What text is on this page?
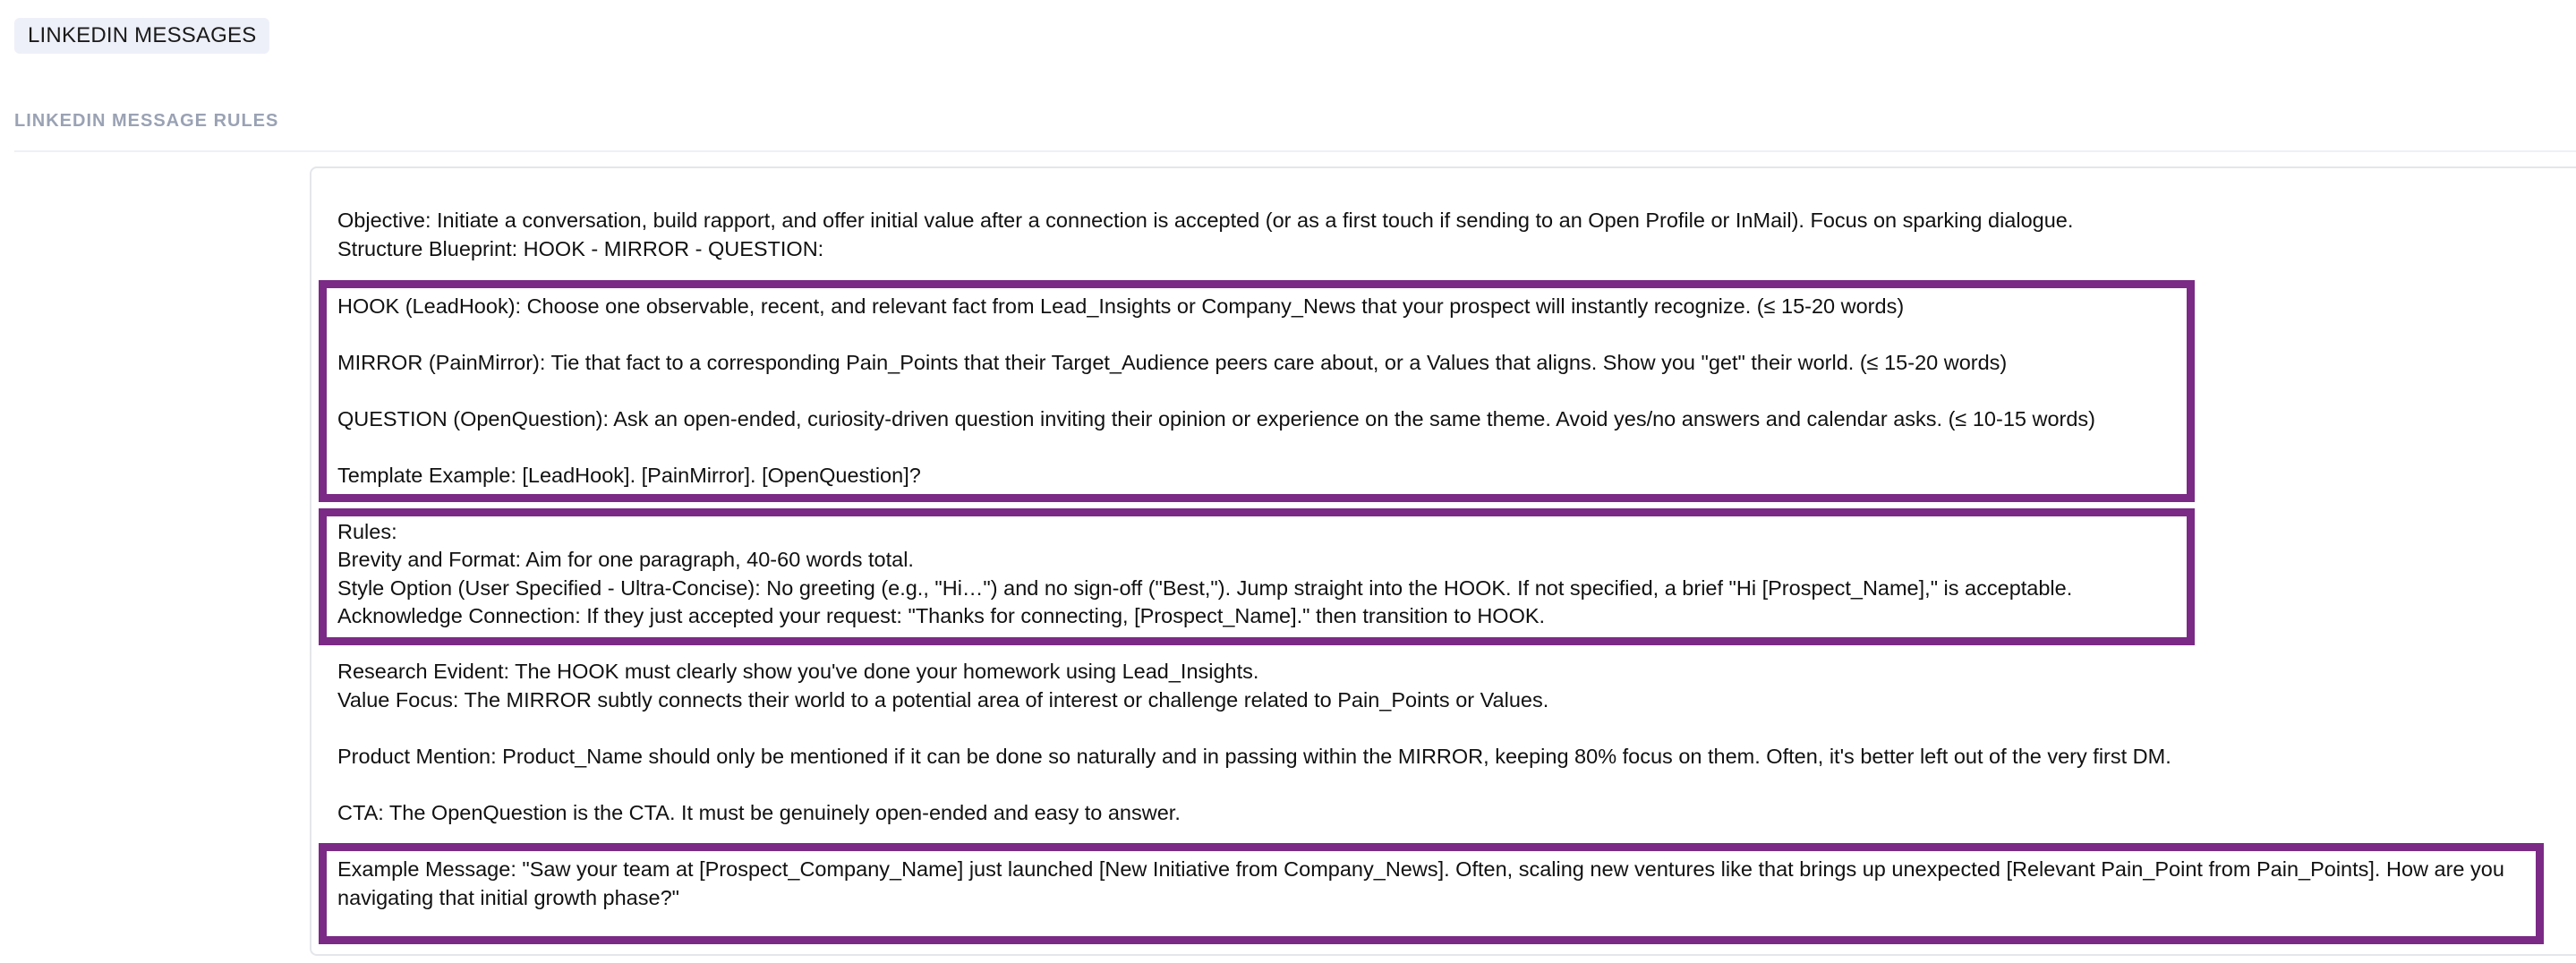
LINKEDIN MESSAGES
LINKEDIN MESSAGE RULES
Objective: Initiate a conversation, build rapport, and offer initial value after a connection is accepted (or as a first touch if sending to an Open Profile or InMail). Focus on sparking dialogue.
Structure Blueprint: HOOK - MIRROR - QUESTION:
HOOK (LeadHook): Choose one observable, recent, and relevant fact from Lead_Insights or Company_News that your prospect will instantly recognize. (≤ 15-20 words)
MIRROR (PainMirror): Tie that fact to a corresponding Pain_Points that their Target_Audience peers care about, or a Values that aligns. Show you "get" their world. (≤ 15-20 words)
QUESTION (OpenQuestion): Ask an open-ended, curiosity-driven question inviting their opinion or experience on the same theme. Avoid yes/no answers and calendar asks. (≤ 10-15 words)
Template Example: [LeadHook]. [PainMirror]. [OpenQuestion]?
Rules:
Brevity and Format: Aim for one paragraph, 40-60 words total.
Style Option (User Specified - Ultra-Concise): No greeting (e.g., "Hi…") and no sign-off ("Best,"). Jump straight into the HOOK. If not specified, a brief "Hi [Prospect_Name]," is acceptable.
Acknowledge Connection: If they just accepted your request: "Thanks for connecting, [Prospect_Name]." then transition to HOOK.
Research Evident: The HOOK must clearly show you've done your homework using Lead_Insights.
Value Focus: The MIRROR subtly connects their world to a potential area of interest or challenge related to Pain_Points or Values.
Product Mention: Product_Name should only be mentioned if it can be done so naturally and in passing within the MIRROR, keeping 80% focus on them. Often, it's better left out of the very first DM.
CTA: The OpenQuestion is the CTA. It must be genuinely open-ended and easy to answer.
Example Message: "Saw your team at [Prospect_Company_Name] just launched [New Initiative from Company_News]. Often, scaling new ventures like that brings up unexpected [Relevant Pain_Point from Pain_Points]. How are you navigating that initial growth phase?"
